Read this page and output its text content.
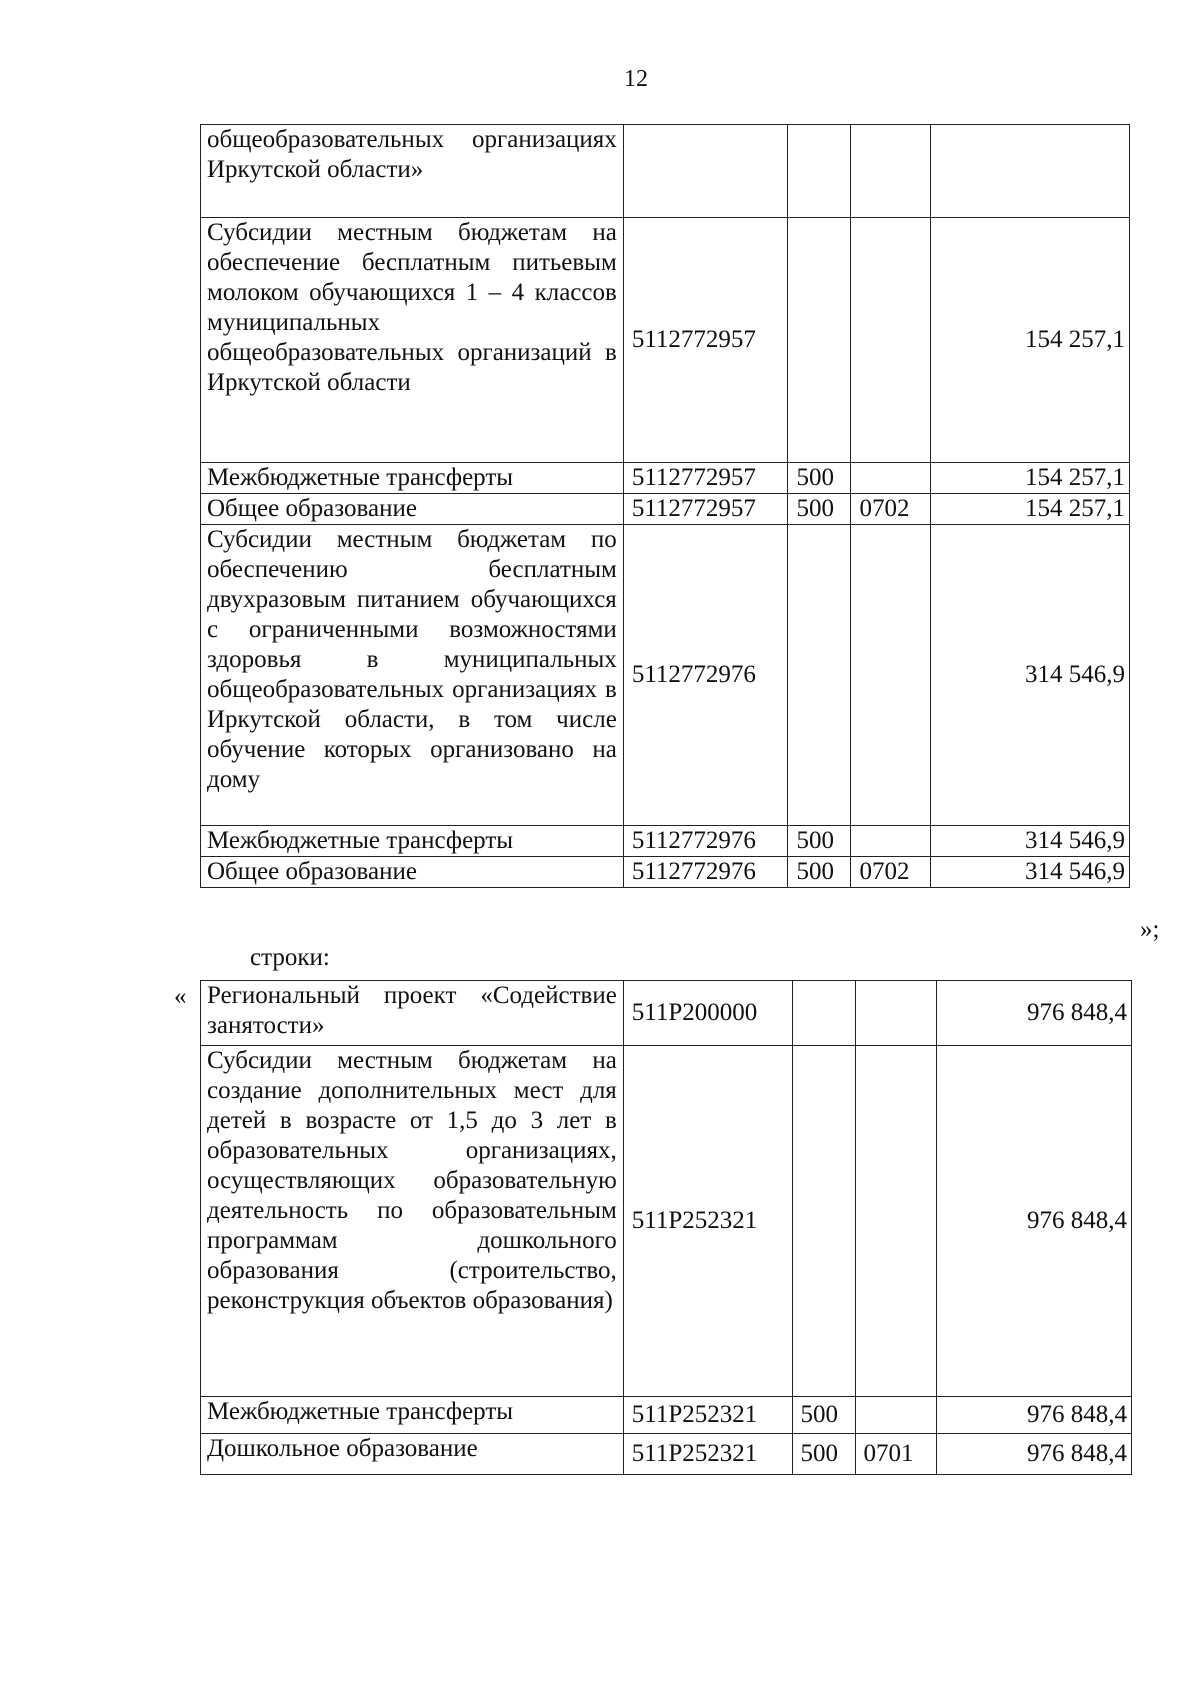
12
общеобразовательных организациях Иркутской области»				
Субсидии местным бюджетам на обеспечение бесплатным питьевым молоком обучающихся 1 – 4 классов муниципальных общеобразовательных организаций в Иркутской области	5112772957			154 257,1
Межбюджетные трансферты	5112772957	500		154 257,1
Общее образование	5112772957	500	0702	154 257,1
Субсидии местным бюджетам по обеспечению бесплатным двухразовым питанием обучающихся с ограниченными возможностями здоровья в муниципальных общеобразовательных организациях в Иркутской области, в том числе обучение которых организовано на дому	5112772976			314 546,9
Межбюджетные трансферты	5112772976	500		314 546,9
Общее образование	5112772976	500	0702	314 546,9
»;
строки:
« Региональный проект «Содействие занятости»	511P200000			976 848,4
Субсидии местным бюджетам на создание дополнительных мест для детей в возрасте от 1,5 до 3 лет в образовательных организациях, осуществляющих образовательную деятельность по образовательным программам дошкольного образования (строительство, реконструкция объектов образования)	511P252321			976 848,4
Межбюджетные трансферты	511P252321	500		976 848,4
Дошкольное образование	511P252321	500	0701	976 848,4
